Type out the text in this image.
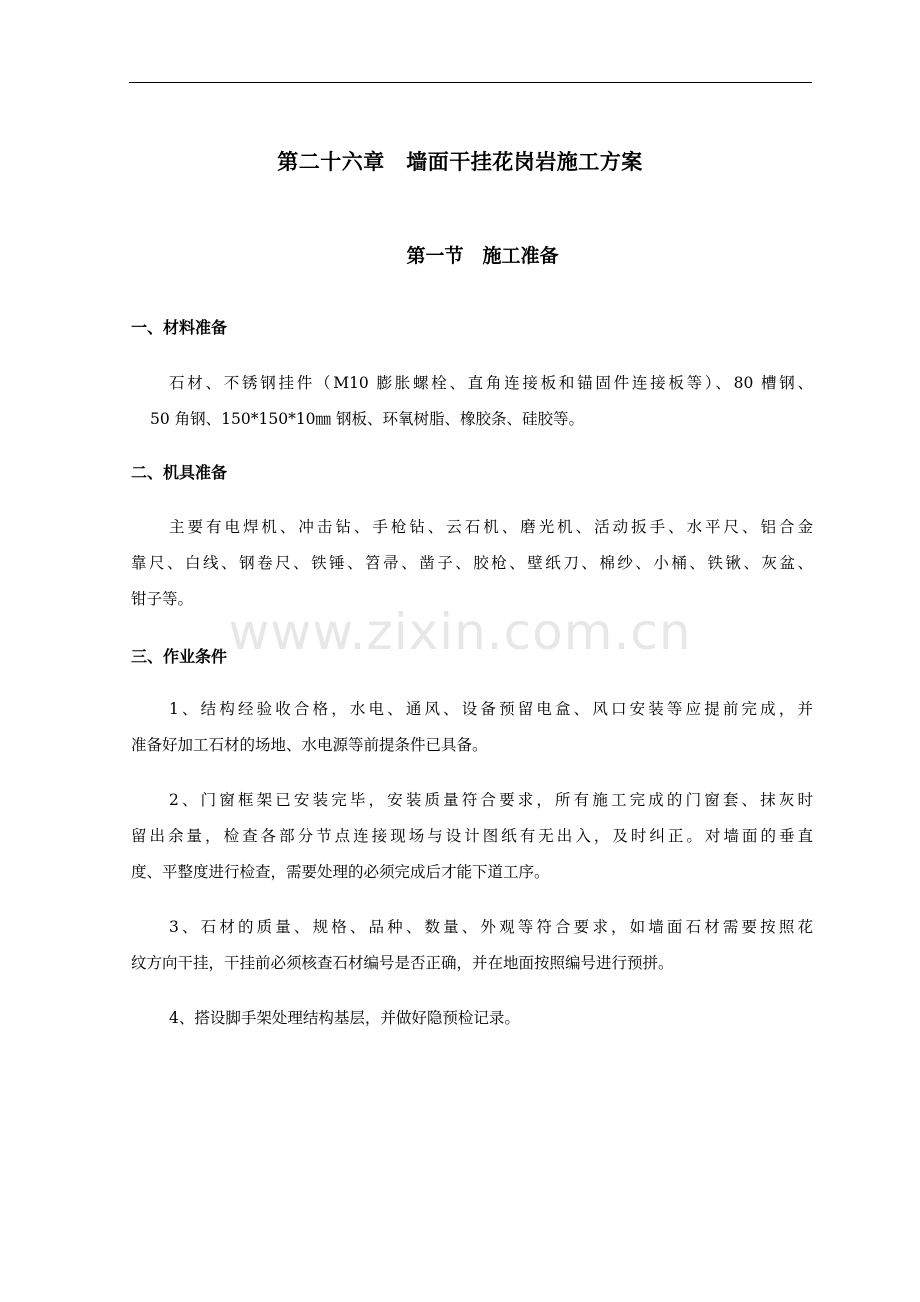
第二十六章　墙面干挂花岗岩施工方案
第一节　施工准备
一、材料准备
石材、不锈钢挂件（M10 膨胀螺栓、直角连接板和锚固件连接板等）、80 槽钢、
50 角钢、150*150*10㎜ 钢板、环氧树脂、橡胶条、硅胶等。
二、机具准备
主要有电焊机、冲击钻、手枪钻、云石机、磨光机、活动扳手、水平尺、铝合金
靠尺、白线、钢卷尺、铁锤、笤帚、凿子、胶枪、壁纸刀、棉纱、小桶、铁锹、灰盆、
钳子等。
三、作业条件
1、结构经验收合格，水电、通风、设备预留电盒、风口安装等应提前完成，并
准备好加工石材的场地、水电源等前提条件已具备。
2、门窗框架已安装完毕，安装质量符合要求，所有施工完成的门窗套、抹灰时
留出余量，检查各部分节点连接现场与设计图纸有无出入，及时纠正。对墙面的垂直
度、平整度进行检查，需要处理的必须完成后才能下道工序。
3、石材的质量、规格、品种、数量、外观等符合要求，如墙面石材需要按照花
纹方向干挂，干挂前必须核查石材编号是否正确，并在地面按照编号进行预拼。
4、搭设脚手架处理结构基层，并做好隐预检记录。
www.zixin.com.cn
